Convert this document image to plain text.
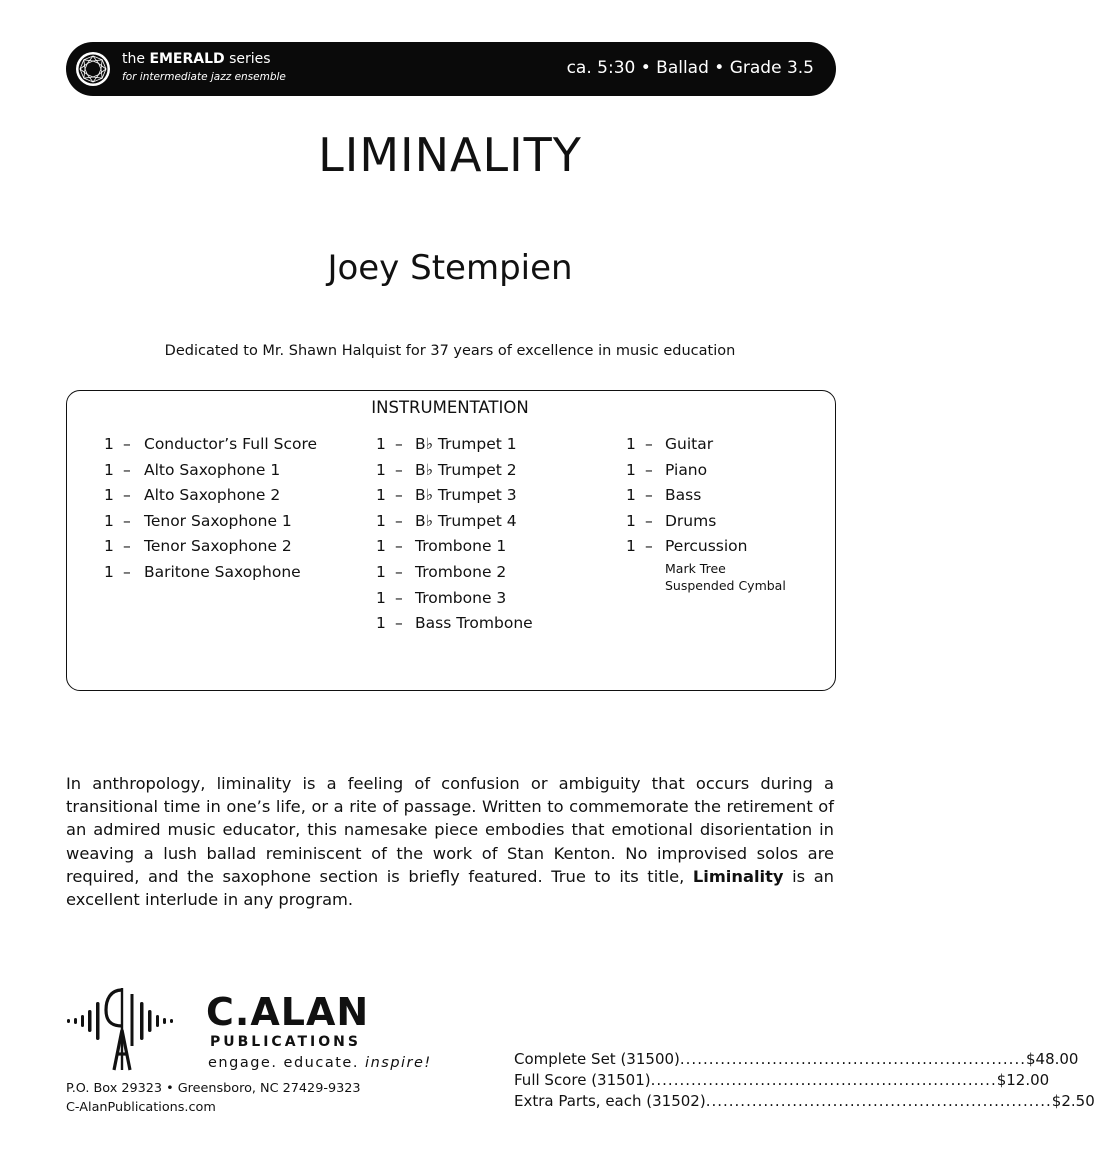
the EMERALD series
for intermediate jazz ensemble	ca. 5:30 • Ballad • Grade 3.5
LIMINALITY
Joey Stempien
Dedicated to Mr. Shawn Halquist for 37 years of excellence in music education
INSTRUMENTATION
1 – Conductor’s Full Score
1 – Alto Saxophone 1
1 – Alto Saxophone 2
1 – Tenor Saxophone 1
1 – Tenor Saxophone 2
1 – Baritone Saxophone
1 – B♭ Trumpet 1
1 – B♭ Trumpet 2
1 – B♭ Trumpet 3
1 – B♭ Trumpet 4
1 – Trombone 1
1 – Trombone 2
1 – Trombone 3
1 – Bass Trombone
1 – Guitar
1 – Piano
1 – Bass
1 – Drums
1 – Percussion
Mark Tree
Suspended Cymbal

In anthropology, liminality is a feeling of confusion or ambiguity that occurs during a transitional time in one’s life, or a rite of passage. Written to commemorate the retirement of an admired music educator, this namesake piece embodies that emotional disorientation in weaving a lush ballad reminiscent of the work of Stan Kenton. No improvised solos are required, and the saxophone section is briefly featured. True to its title, Liminality is an excellent interlude in any program.

C.ALAN
PUBLICATIONS
engage. educate. inspire!
P.O. Box 29323 • Greensboro, NC 27429-9323
C-AlanPublications.com
Complete Set (31500) ............................................................ $48.00
Full Score (31501) ............................................................ $12.00
Extra Parts, each (31502) ............................................................ $2.50
